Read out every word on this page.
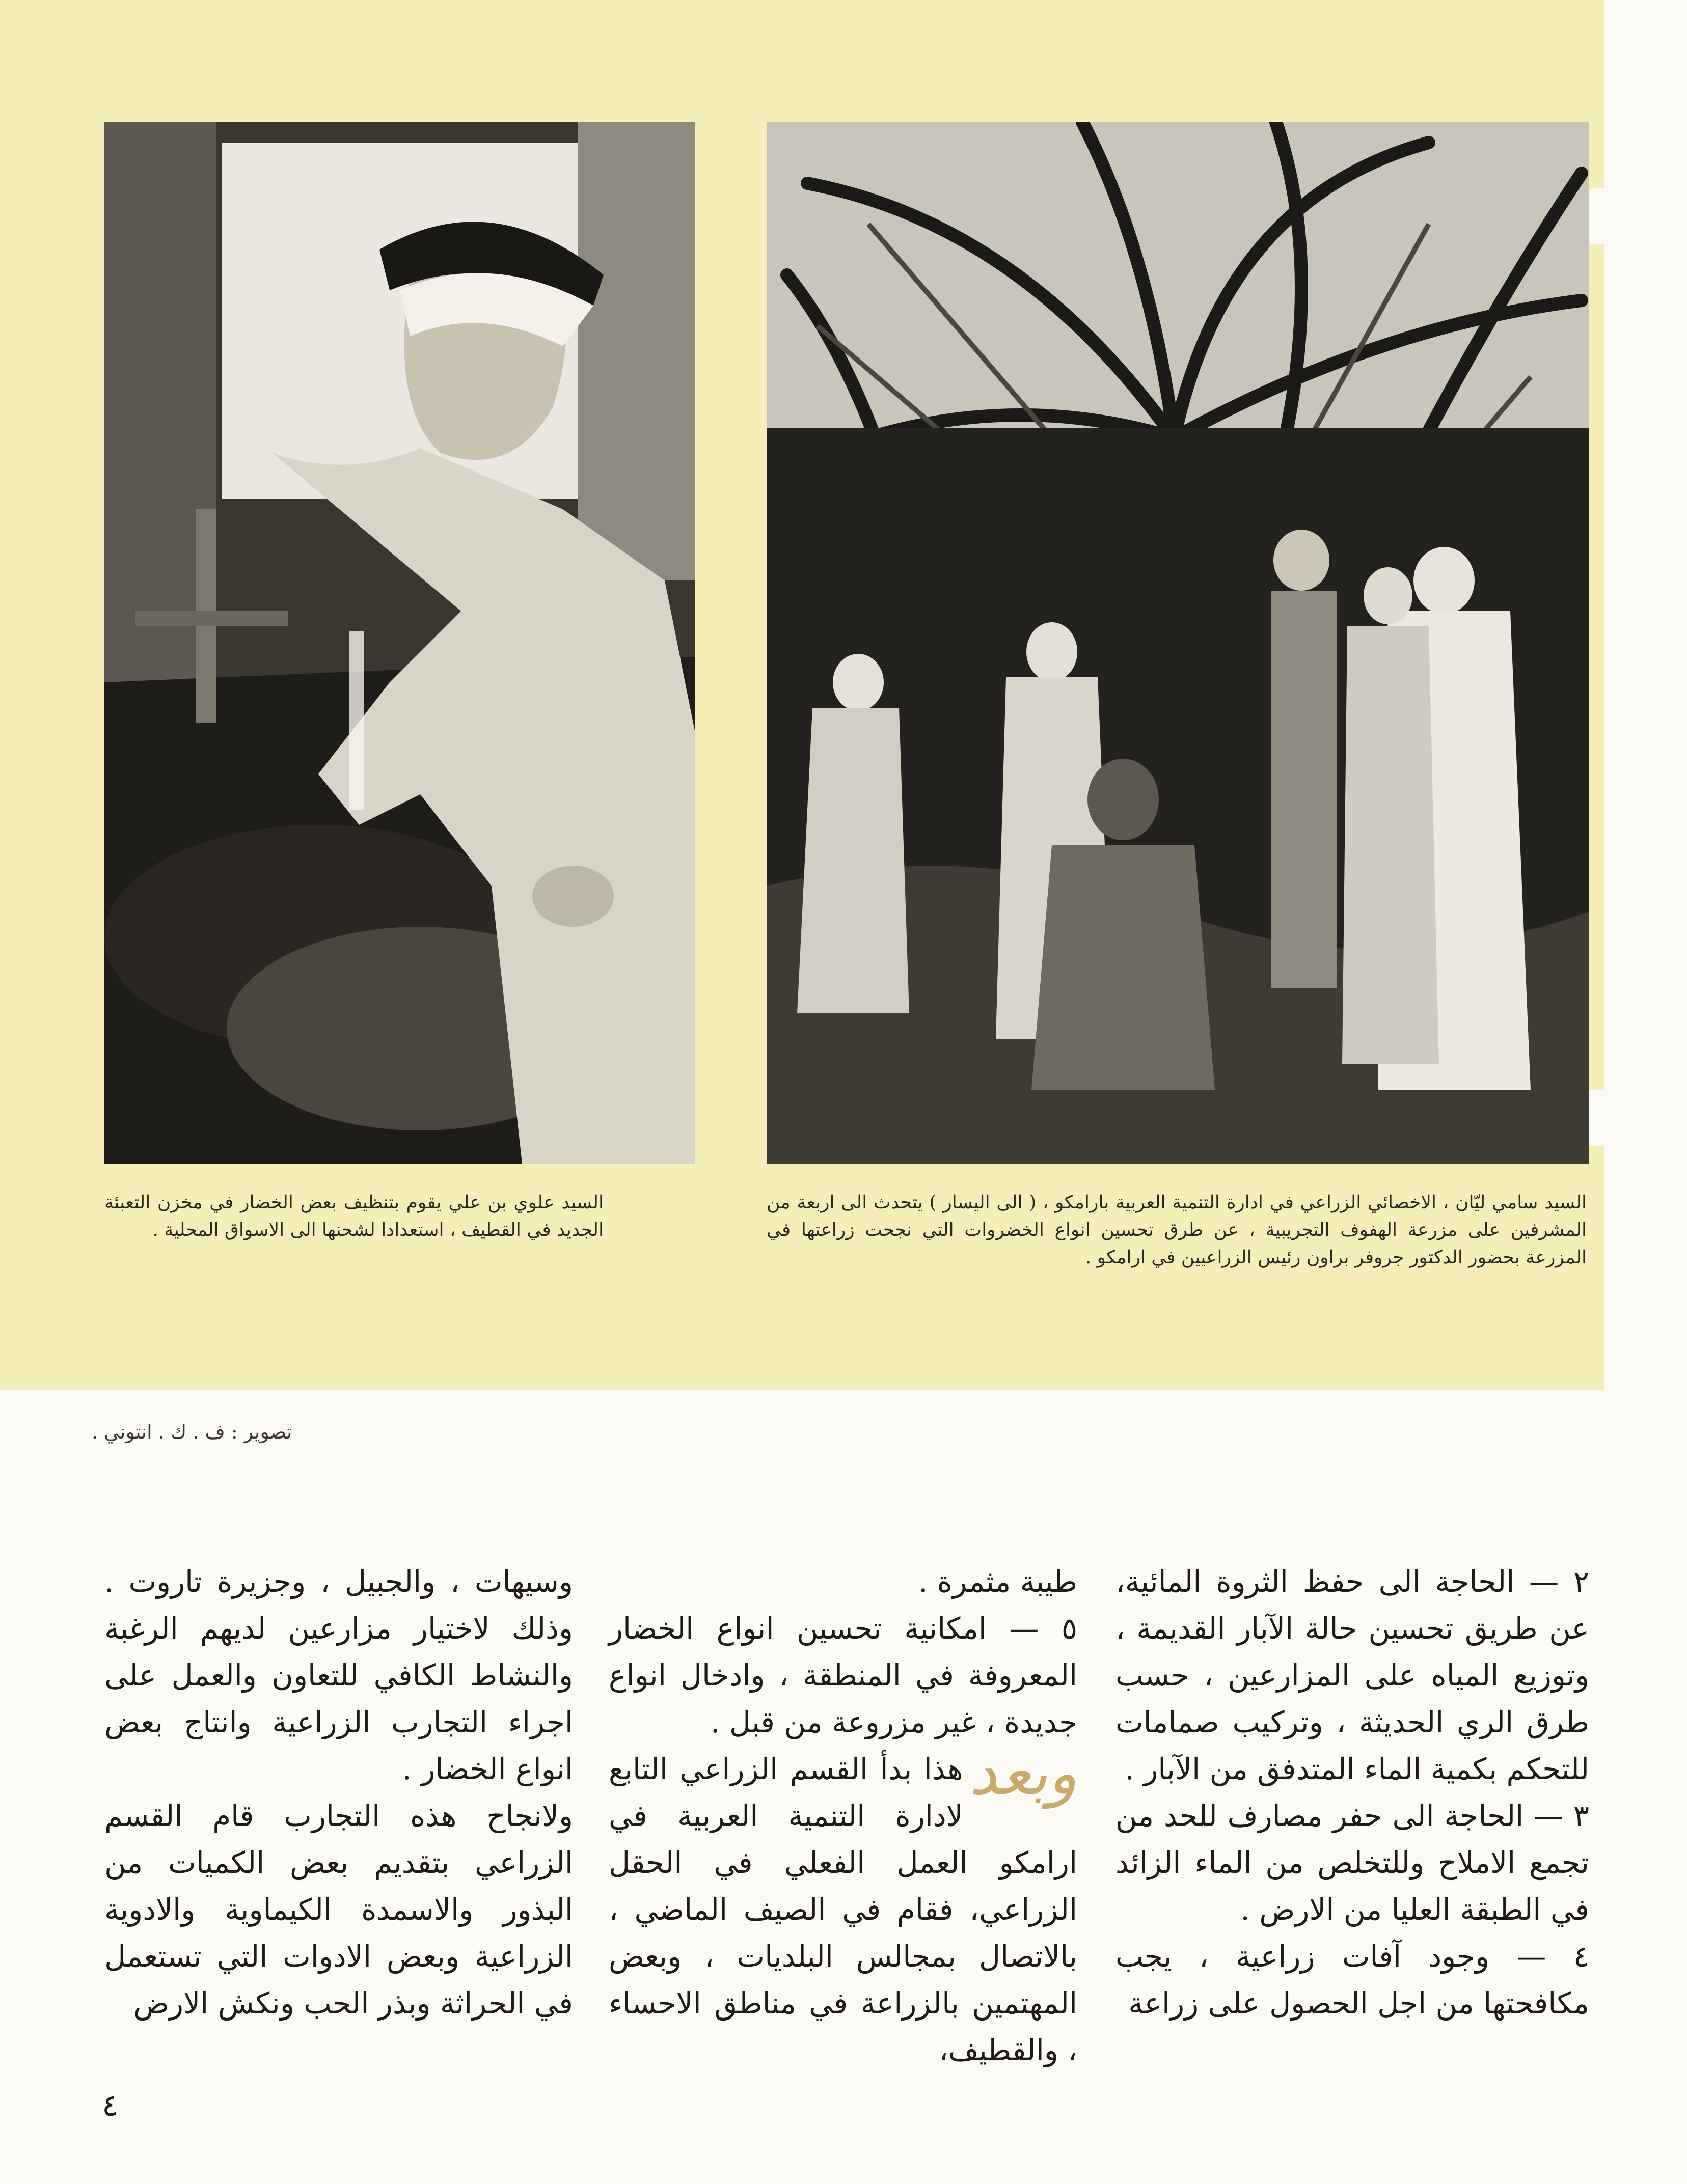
السيد علوي بن علي يقوم بتنظيف بعض الخضار في مخزن التعبئة الجديد في القطيف ، استعدادا لشحنها الى الاسواق المحلية .
السيد سامي ليّان ، الاخصائي الزراعي في ادارة التنمية العربية بارامكو ، ( الى اليسار ) يتحدث الى اربعة من المشرفين على مزرعة الهفوف التجريبية ، عن طرق تحسين انواع الخضروات التي نجحت زراعتها في المزرعة بحضور الدكتور جروفر براون رئيس الزراعيين في ارامكو .
تصوير : ف . ك . انتوني .

٢ — الحاجة الى حفظ الثروة المائية، عن طريق تحسين حالة الآبار القديمة ، وتوزيع المياه على المزارعين ، حسب طرق الري الحديثة ، وتركيب صمامات للتحكم بكمية الماء المتدفق من الآبار .

٣ — الحاجة الى حفر مصارف للحد من تجمع الاملاح وللتخلص من الماء الزائد في الطبقة العليا من الارض .

٤ — وجود آفات زراعية ، يجب مكافحتها من اجل الحصول على زراعة

طيبة مثمرة .

٥ — امكانية تحسين انواع الخضار المعروفة في المنطقة ، وادخال انواع جديدة ، غير مزروعة من قبل .

وبعد
هذا بدأ القسم الزراعي التابع لادارة التنمية العربية في ارامكو العمل الفعلي في الحقل الزراعي، فقام في الصيف الماضي ، بالاتصال بمجالس البلديات ، وبعض المهتمين بالزراعة في مناطق الاحساء ، والقطيف،

وسيهات ، والجبيل ، وجزيرة تاروت . وذلك لاختيار مزارعين لديهم الرغبة والنشاط الكافي للتعاون والعمل على اجراء التجارب الزراعية وانتاج بعض انواع الخضار .

ولانجاح هذه التجارب قام القسم الزراعي بتقديم بعض الكميات من البذور والاسمدة الكيماوية والادوية الزراعية وبعض الادوات التي تستعمل في الحراثة وبذر الحب ونكش الارض

٤
